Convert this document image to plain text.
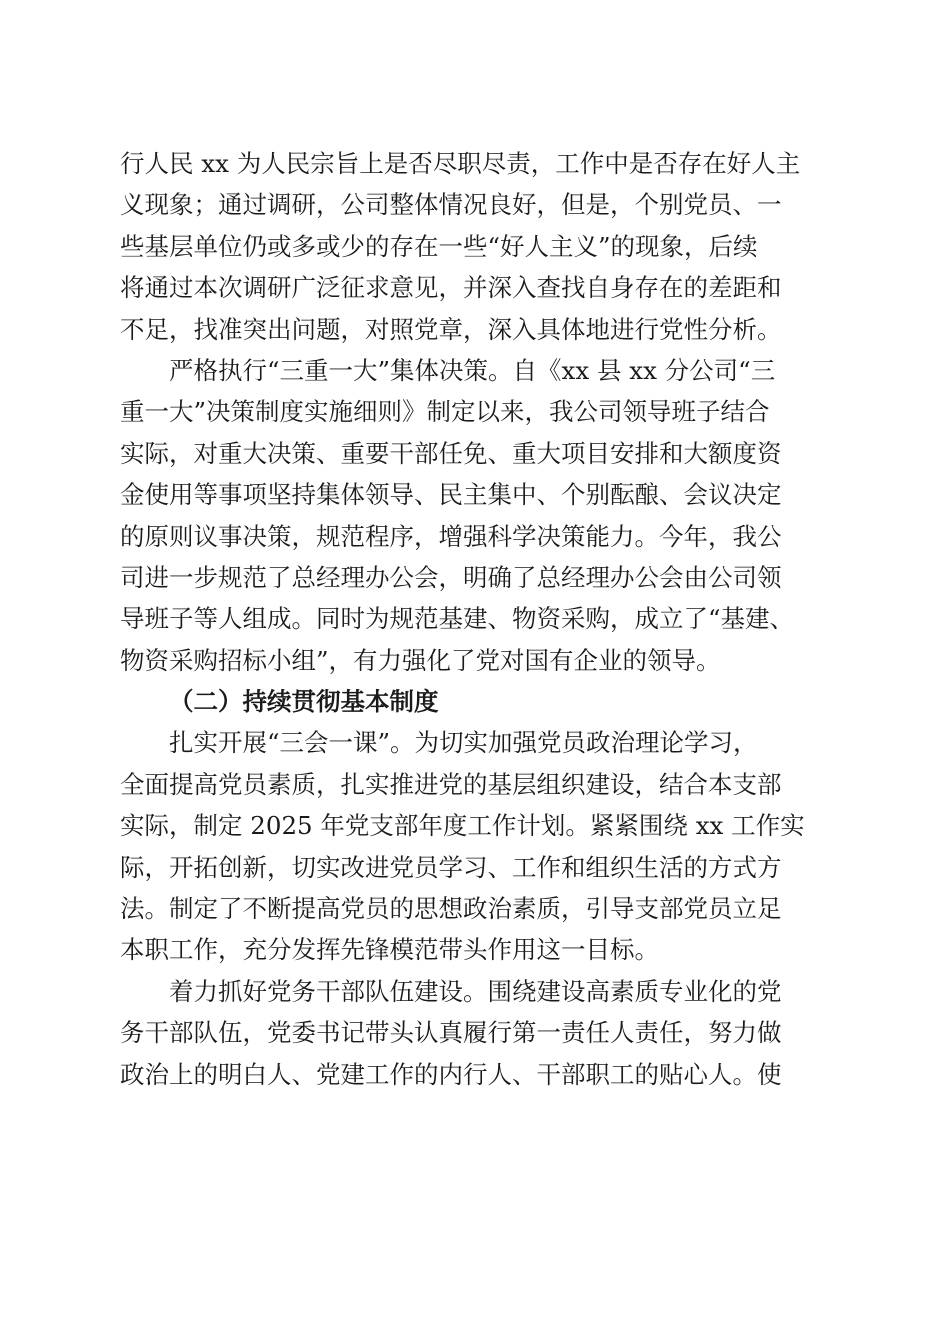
行人民 xx 为人民宗旨上是否尽职尽责，工作中是否存在好人主
义现象；通过调研，公司整体情况良好，但是，个别党员、一
些基层单位仍或多或少的存在一些“好人主义”的现象，后续
将通过本次调研广泛征求意见，并深入查找自身存在的差距和
不足，找准突出问题，对照党章，深入具体地进行党性分析。
严格执行“三重一大”集体决策。自《xx 县 xx 分公司“三
重一大”决策制度实施细则》制定以来，我公司领导班子结合
实际，对重大决策、重要干部任免、重大项目安排和大额度资
金使用等事项坚持集体领导、民主集中、个别酝酿、会议决定
的原则议事决策，规范程序，增强科学决策能力。今年，我公
司进一步规范了总经理办公会，明确了总经理办公会由公司领
导班子等人组成。同时为规范基建、物资采购，成立了“基建、
物资采购招标小组”，有力强化了党对国有企业的领导。
（二）持续贯彻基本制度
扎实开展“三会一课”。为切实加强党员政治理论学习，
全面提高党员素质，扎实推进党的基层组织建设，结合本支部
实际，制定 2025 年党支部年度工作计划。紧紧围绕 xx 工作实
际，开拓创新，切实改进党员学习、工作和组织生活的方式方
法。制定了不断提高党员的思想政治素质，引导支部党员立足
本职工作，充分发挥先锋模范带头作用这一目标。
着力抓好党务干部队伍建设。围绕建设高素质专业化的党
务干部队伍，党委书记带头认真履行第一责任人责任，努力做
政治上的明白人、党建工作的内行人、干部职工的贴心人。使
